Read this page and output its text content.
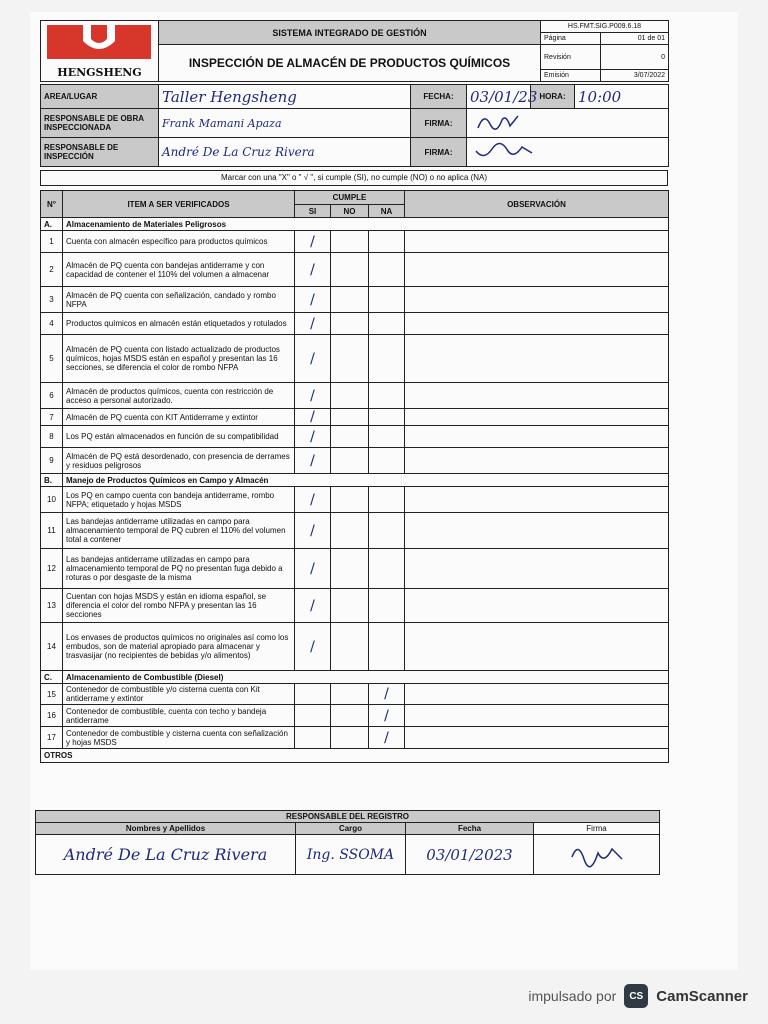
HENGSHENG	SISTEMA INTEGRADO DE GESTIÓN	HS.FMT.SIG.P009.6.18	
		Página	01 de 01
	INSPECCIÓN DE ALMACÉN DE PRODUCTOS QUÍMICOS	Revisión	0
		Emisión	3/07/2022
AREA/LUGAR	Taller Hengsheng	FECHA:	03/01/23	HORA:	10:00
RESPONSABLE DE OBRA INSPECCIONADA	Frank Mamani Apaza	FIRMA:	
RESPONSABLE DE INSPECCIÓN	André De La Cruz Rivera	FIRMA:	
Marcar con una "X" o " √ ", si cumple (SI), no cumple (NO) o no aplica (NA)
N°	ITEM A SER VERIFICADOS	CUMPLE			OBSERVACIÓN
		SI	NO	NA	
A.	Almacenamiento de Materiales Peligrosos				
1	Cuenta con almacén específico para productos químicos	/			
2	Almacén de PQ cuenta con bandejas antiderrame y con capacidad de contener el 110% del volumen a almacenar	/			
3	Almacén de PQ cuenta con señalización, candado y rombo NFPA	/			
4	Productos químicos en almacén están etiquetados y rotulados	/			
5	Almacén de PQ cuenta con listado actualizado de productos químicos, hojas MSDS están en español y presentan las 16 secciones, se diferencia el color de rombo NFPA	/			
6	Almacén de productos químicos, cuenta con restricción de acceso a personal autorizado.	/			
7	Almacén de PQ cuenta con KIT Antiderrame y extintor	/			
8	Los PQ están almacenados en función de su compatibilidad	/			
9	Almacén de PQ está desordenado, con presencia de derrames y residuos peligrosos	/			
B.	Manejo de Productos Químicos en Campo y Almacén				
10	Los PQ en campo cuenta con bandeja antiderrame, rombo NFPA; etiquetado y hojas MSDS	/			
11	Las bandejas antiderrame utilizadas en campo para almacenamiento temporal de PQ cubren el 110% del volumen total a contener	/			
12	Las bandejas antiderrame utilizadas en campo para almacenamiento temporal de PQ no presentan fuga debido a roturas o por desgaste de la misma	/			
13	Cuentan con hojas MSDS y están en idioma español, se diferencia el color del rombo NFPA y presentan las 16 secciones	/			
14	Los envases de productos químicos no originales así como los embudos, son de material apropiado para almacenar y trasvasijar (no recipientes de bebidas y/o alimentos)	/			
C.	Almacenamiento de Combustible (Diesel)				
15	Contenedor de combustible y/o cisterna cuenta con Kit antiderrame y extintor			/	
16	Contenedor de combustible, cuenta con techo y bandeja antiderrame			/	
17	Contenedor de combustible y cisterna cuenta con señalización y hojas MSDS			/	
OTROS					
RESPONSABLE DEL REGISTRO			
Nombres y Apellidos	Cargo	Fecha	Firma
André De La Cruz Rivera	Ing. SSOMA	03/01/2023	
impulsado por	CS CamScanner
